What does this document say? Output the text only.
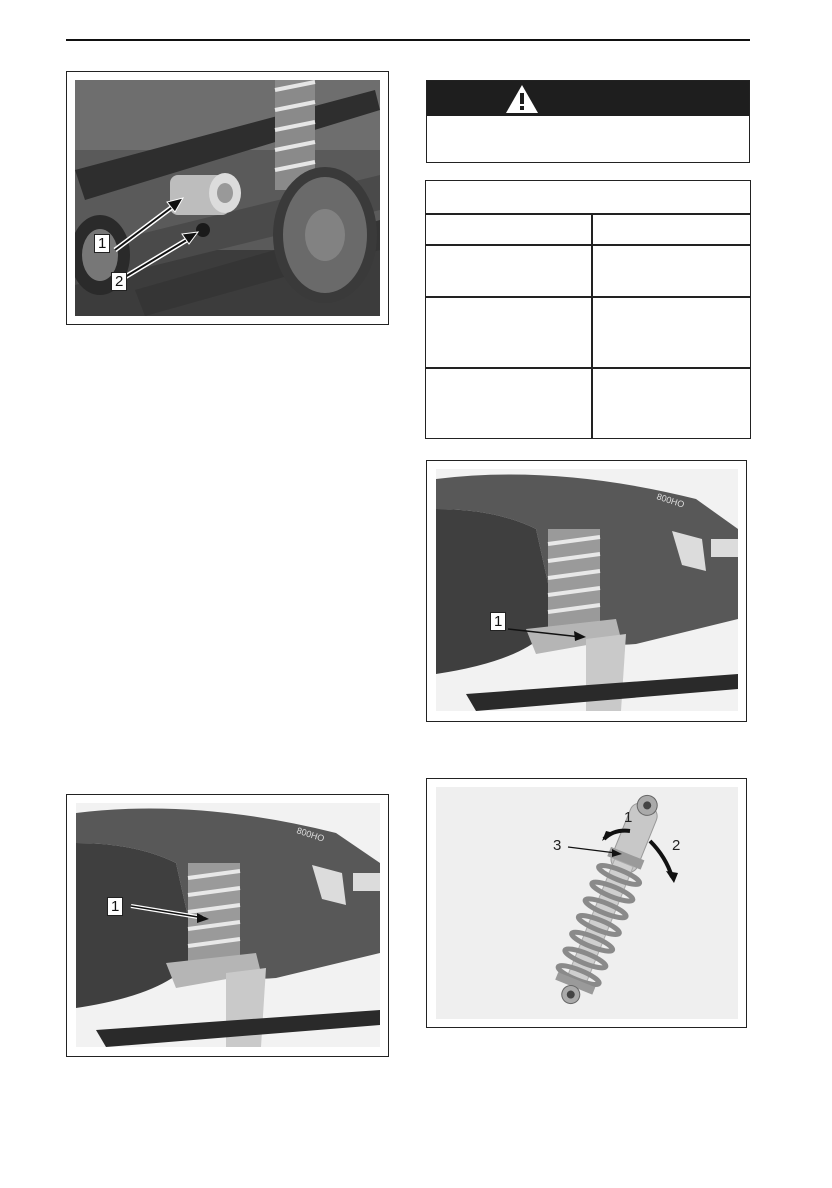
1
2
800HO
1
800HO
1
1
2
3
